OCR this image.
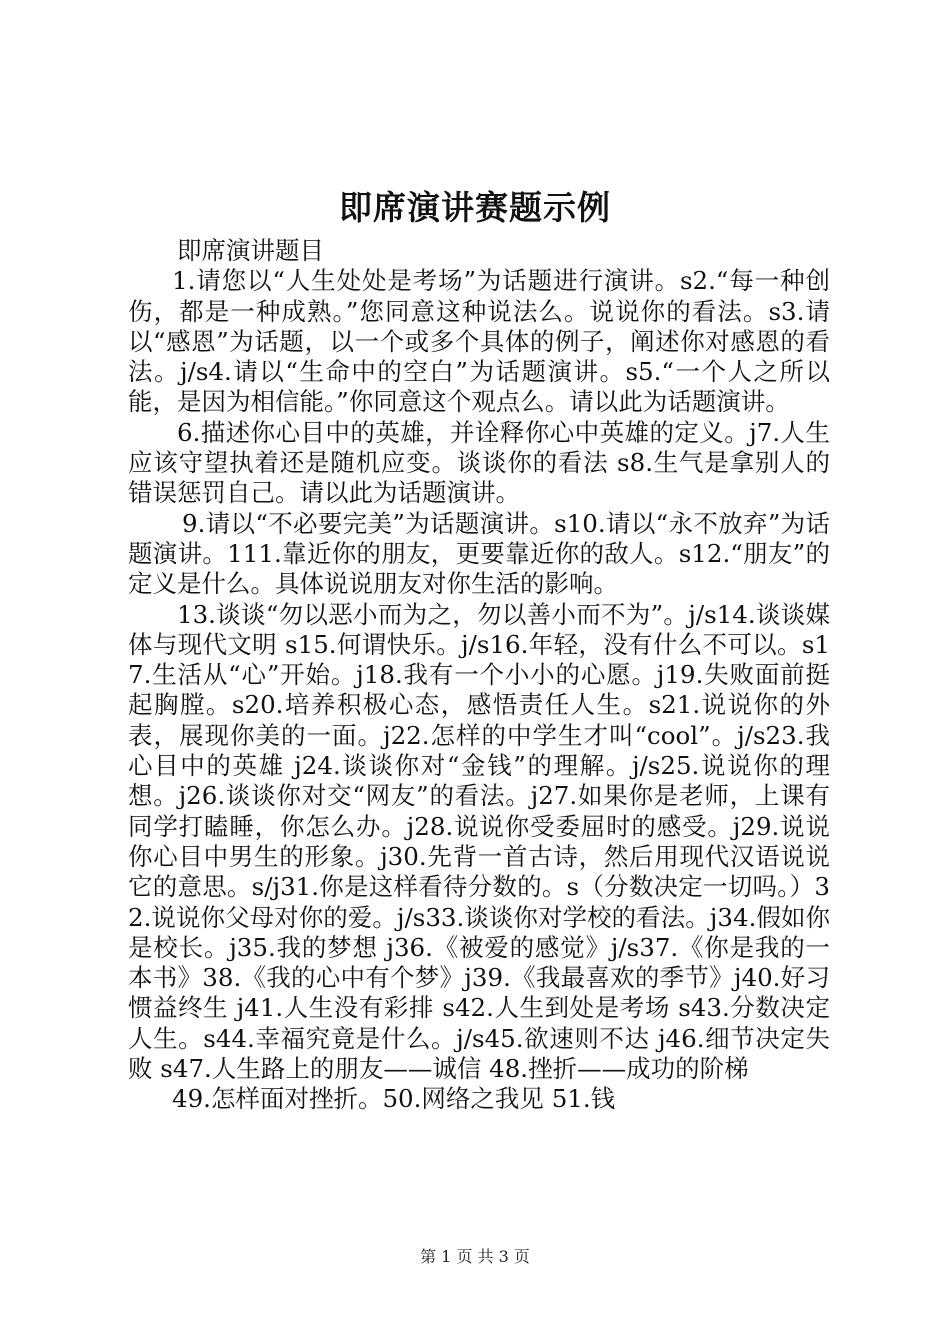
即席演讲赛题示例

即席演讲题目

1.请您以“人生处处是考场”为话题进行演讲。s2.“每一种创伤，都是一种成熟。”您同意这种说法么。说说你的看法。s3.请以“感恩”为话题，以一个或多个具体的例子，阐述你对感恩的看法。j/s4.请以“生命中的空白”为话题演讲。s5.“一个人之所以能，是因为相信能。”你同意这个观点么。请以此为话题演讲。

6.描述你心目中的英雄，并诠释你心中英雄的定义。j7.人生应该守望执着还是随机应变。谈谈你的看法 s8.生气是拿别人的错误惩罚自己。请以此为话题演讲。

9.请以“不必要完美”为话题演讲。s10.请以“永不放弃”为话题演讲。111.靠近你的朋友，更要靠近你的敌人。s12.“朋友”的定义是什么。具体说说朋友对你生活的影响。

13.谈谈“勿以恶小而为之，勿以善小而不为”。j/s14.谈谈媒体与现代文明 s15.何谓快乐。j/s16.年轻，没有什么不可以。s17.生活从“心”开始。j18.我有一个小小的心愿。j19.失败面前挺起胸膛。s20.培养积极心态，感悟责任人生。s21.说说你的外表，展现你美的一面。j22.怎样的中学生才叫“cool”。j/s23.我心目中的英雄 j24.谈谈你对“金钱”的理解。j/s25.说说你的理想。j26.谈谈你对交“网友”的看法。j27.如果你是老师，上课有同学打瞌睡，你怎么办。j28.说说你受委屈时的感受。j29.说说你心目中男生的形象。j30.先背一首古诗，然后用现代汉语说说它的意思。s/j31.你是这样看待分数的。s（分数决定一切吗。）32.说说你父母对你的爱。j/s33.谈谈你对学校的看法。j34.假如你是校长。j35.我的梦想 j36.《被爱的感觉》j/s37.《你是我的一本书》38.《我的心中有个梦》j39.《我最喜欢的季节》j40.好习惯益终生 j41.人生没有彩排 s42.人生到处是考场 s43.分数决定人生。s44.幸福究竟是什么。j/s45.欲速则不达 j46.细节决定失败 s47.人生路上的朋友——诚信 48.挫折——成功的阶梯

49.怎样面对挫折。50.网络之我见 51.钱

第 1 页 共 3 页
